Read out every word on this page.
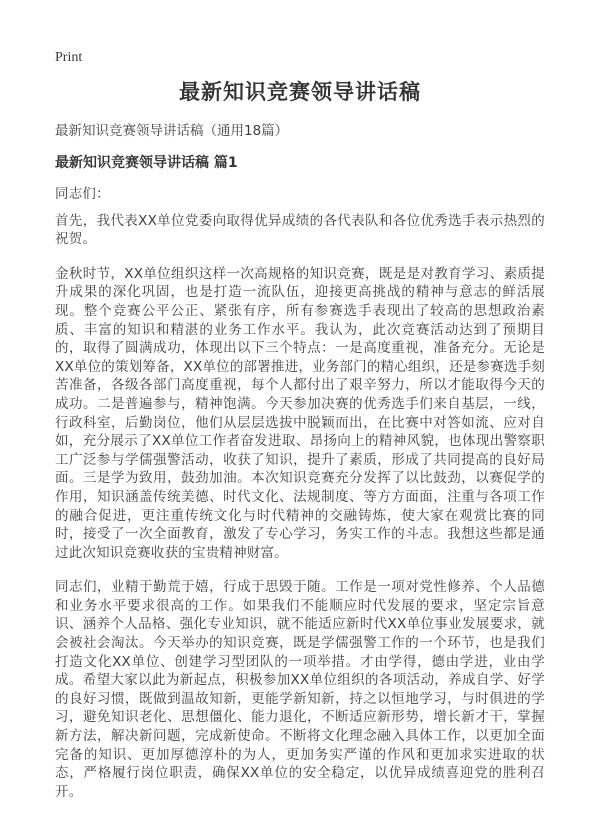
Print
最新知识竞赛领导讲话稿
最新知识竞赛领导讲话稿（通用18篇）
最新知识竞赛领导讲话稿 篇1

同志们：

首先，我代表XX单位党委向取得优异成绩的各代表队和各位优秀选手表示热烈的祝贺。

金秋时节，XX单位组织这样一次高规格的知识竞赛，既是是对教育学习、素质提升成果的深化巩固，也是打造一流队伍，迎接更高挑战的精神与意志的鲜活展现。整个竞赛公平公正、紧张有序，所有参赛选手表现出了较高的思想政治素质、丰富的知识和精湛的业务工作水平。我认为，此次竞赛活动达到了预期目的，取得了圆满成功，体现出以下三个特点：一是高度重视，准备充分。无论是XX单位的策划筹备，XX单位的部署推进，业务部门的精心组织，还是参赛选手刻苦准备，各级各部门高度重视，每个人都付出了艰辛努力，所以才能取得今天的成功。二是普遍参与，精神饱满。今天参加决赛的优秀选手们来自基层，一线，行政科室，后勤岗位，他们从层层选拔中脱颖而出，在比赛中对答如流、应对自如，充分展示了XX单位工作者奋发进取、昂扬向上的精神风貌，也体现出警察职工广泛参与学儒强警活动，收获了知识，提升了素质，形成了共同提高的良好局面。三是学为致用，鼓劲加油。本次知识竞赛充分发挥了以比鼓劲，以赛促学的作用，知识涵盖传统美德、时代文化、法规制度、等方方面面，注重与各项工作的融合促进，更注重传统文化与时代精神的交融铸炼，使大家在观赏比赛的同时，接受了一次全面教育，激发了专心学习，务实工作的斗志。我想这些都是通过此次知识竞赛收获的宝贵精神财富。

同志们，业精于勤荒于嬉，行成于思毁于随。工作是一项对党性修养、个人品德和业务水平要求很高的工作。如果我们不能顺应时代发展的要求，坚定宗旨意识、涵养个人品格、强化专业知识，就不能适应新时代XX单位事业发展要求，就会被社会淘汰。今天举办的知识竞赛，既是学儒强警工作的一个环节，也是我们打造文化XX单位、创建学习型团队的一项举措。才由学得，德由学进，业由学成。希望大家以此为新起点，积极参加XX单位组织的各项活动，养成自学、好学的良好习惯，既做到温故知新，更能学新知新，持之以恒地学习，与时俱进的学习，避免知识老化、思想僵化、能力退化，不断适应新形势，增长新才干，掌握新方法，解决新问题，完成新使命。不断将文化理念融入具体工作，以更加全面完备的知识、更加厚德淳朴的为人，更加务实严谨的作风和更加求实进取的状态，严格履行岗位职责，确保XX单位的安全稳定，以优异成绩喜迎党的胜利召开。
